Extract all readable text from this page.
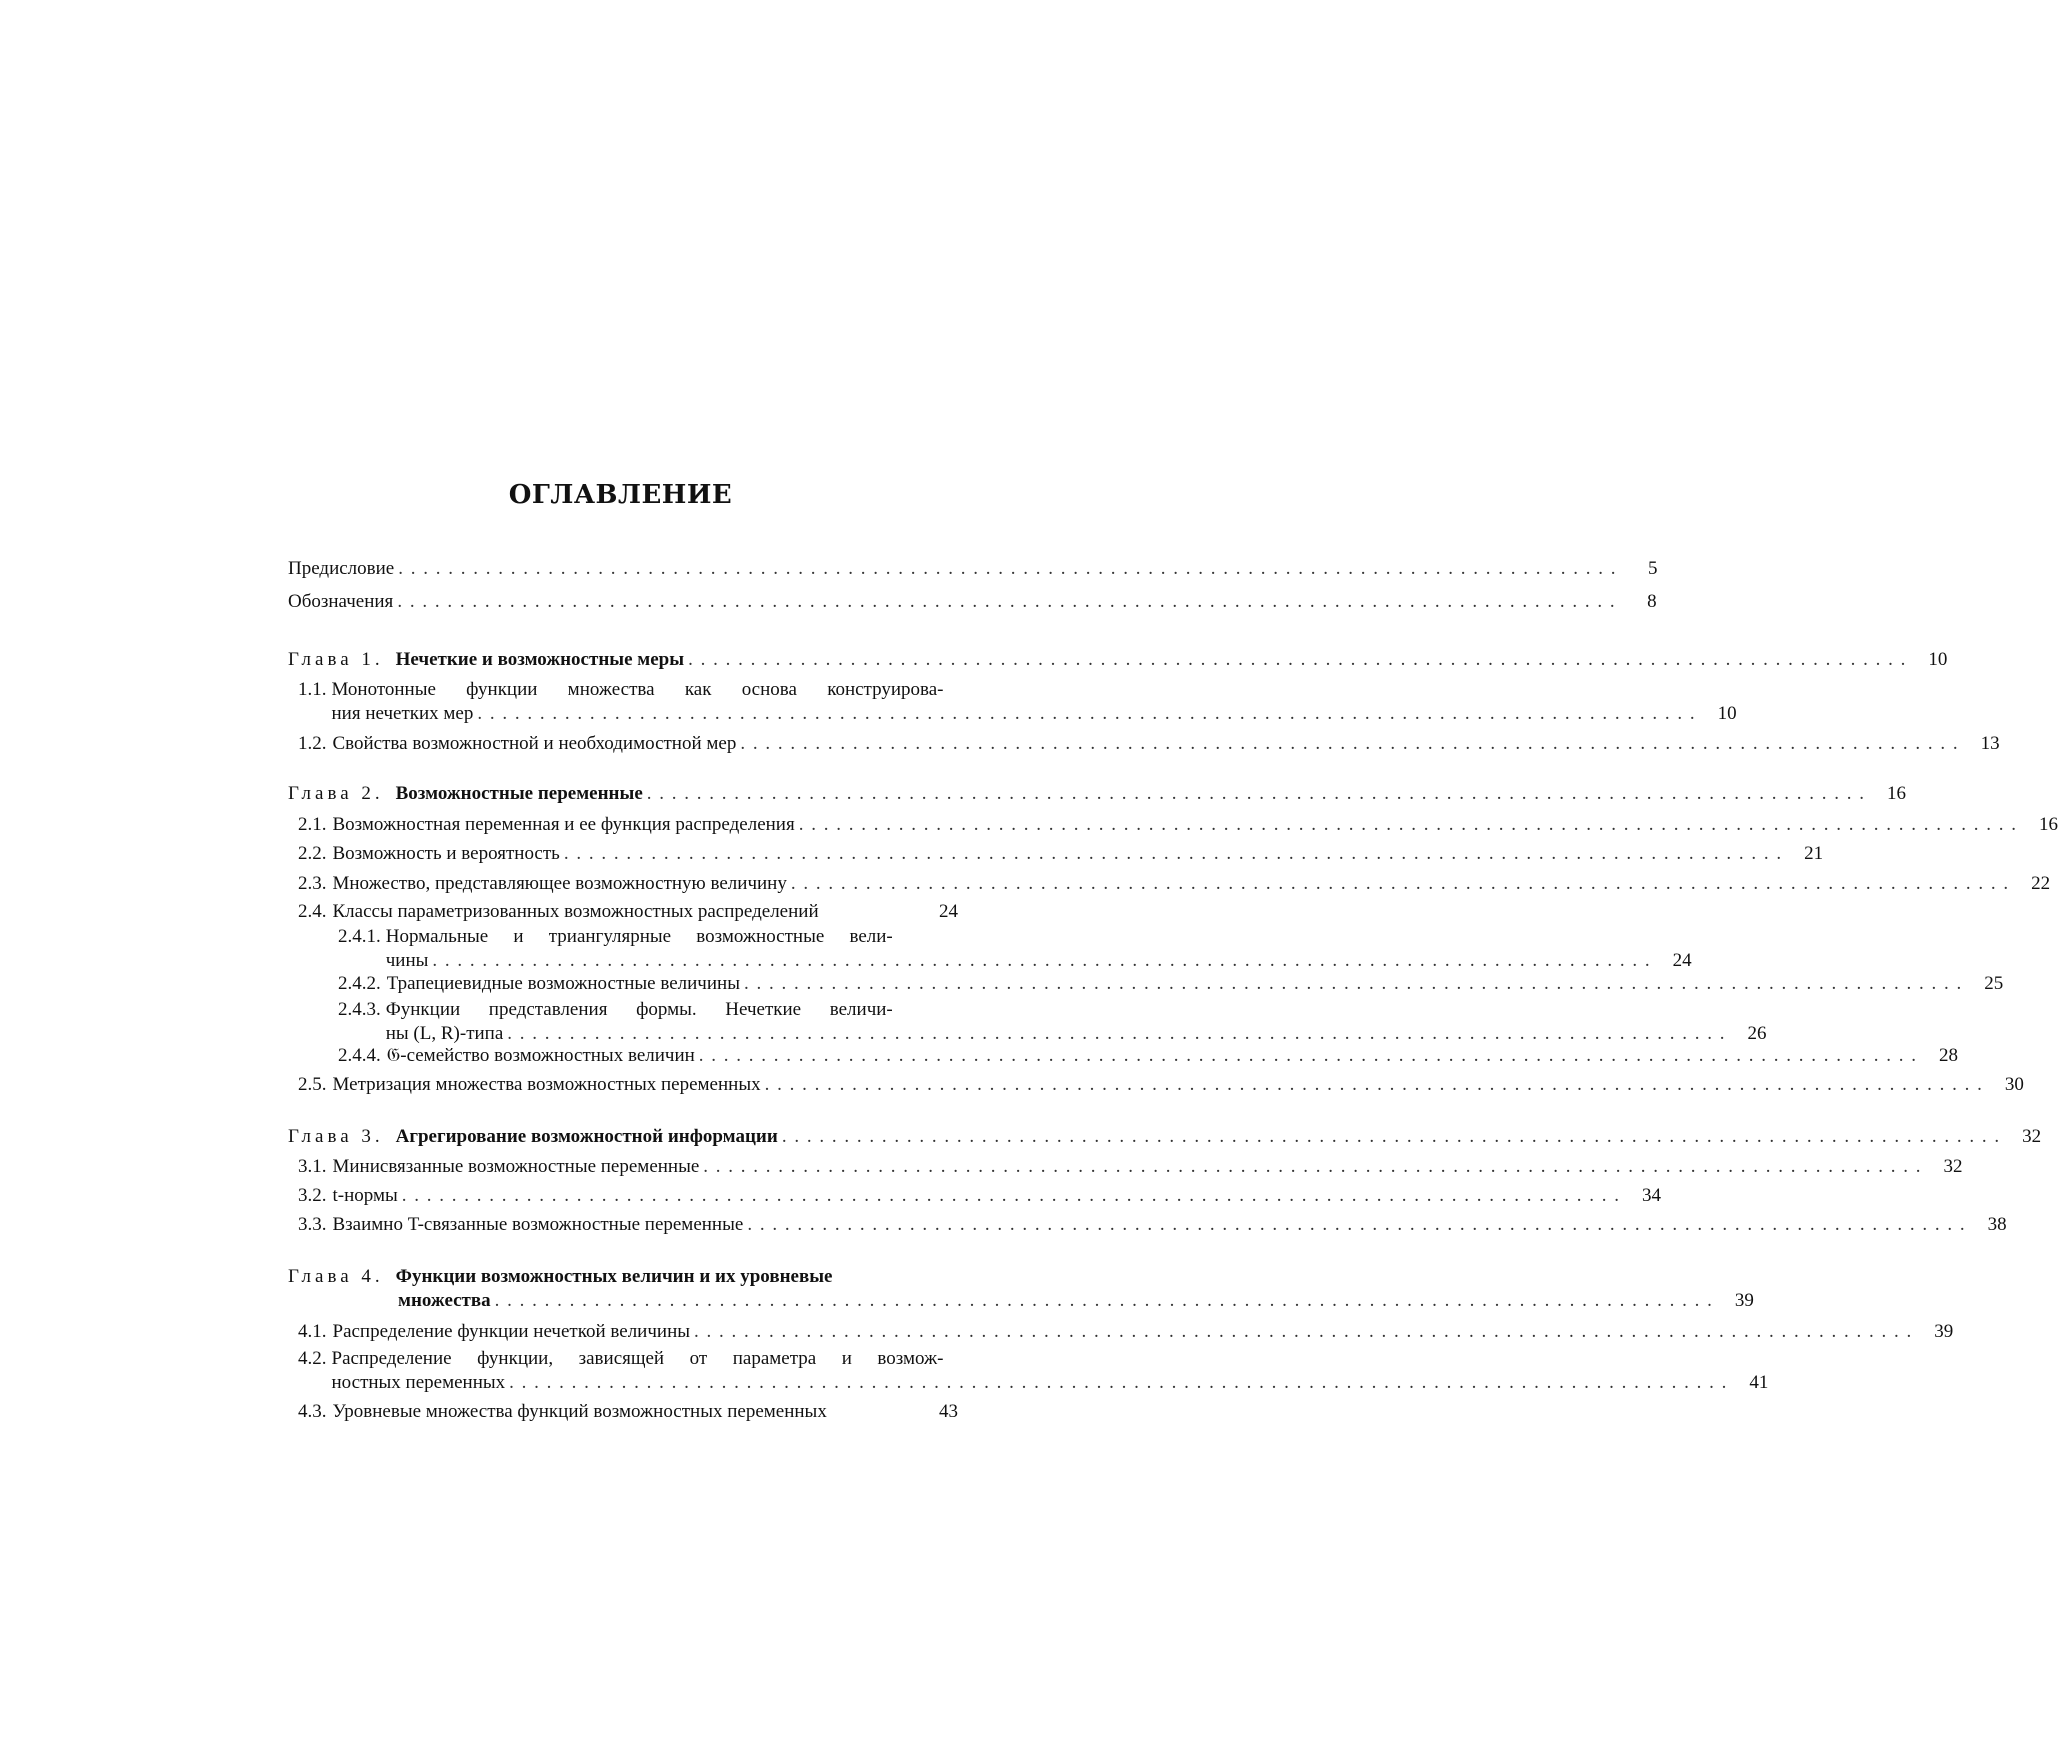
ОГЛАВЛЕНИЕ
Предисловие . . .	5
Обозначения . . .	8
Глава 1. Нечеткие и возможностные меры . . .	10
1.1. Монотонные функции множества как основа конструирова-
ния нечетких мер . . .	10
1.2. Свойства возможностной и необходимостной мер . . .	13
Глава 2. Возможностные переменные . . .	16
2.1. Возможностная переменная и ее функция распределения . . .	16
2.2. Возможность и вероятность . . .	21
2.3. Множество, представляющее возможностную величину . . .	22
2.4. Классы параметризованных возможностных распределений	24
2.4.1. Нормальные и триангулярные возможностные вели-
чины . . .	24
2.4.2. Трапециевидные возможностные величины . . .	25
2.4.3. Функции представления формы. Нечеткие величи-
ны (L, R)-типа . . .	26
2.4.4. 𝔊-семейство возможностных величин . . .	28
2.5. Метризация множества возможностных переменных . . .	30
Глава 3. Агрегирование возможностной информации . . .	32
3.1. Минисвязанные возможностные переменные . . .	32
3.2. t-нормы . . .	34
3.3. Взаимно T-связанные возможностные переменные . . .	38
Глава 4. Функции возможностных величин и их уровневые
множества . . .	39
4.1. Распределение функции нечеткой величины . . .	39
4.2. Распределение функции, зависящей от параметра и возмож-
ностных переменных . . .	41
4.3. Уровневые множества функций возможностных переменных	43
